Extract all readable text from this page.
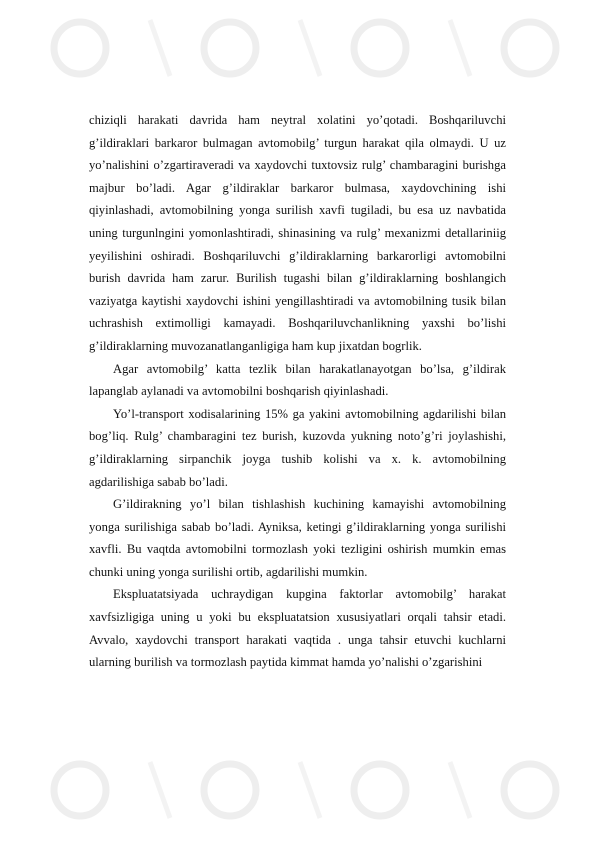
chiziqli harakati davrida ham neytral xolatini yo’qotadi. Boshqariluvchi g’ildiraklari barkaror bulmagan avtomobilg’ turgun harakat qila olmaydi. U uz yo’nalishini o’zgartiraveradi va xaydovchi tuxtovsiz rulg’ chambaragini burishga majbur bo’ladi. Agar g’ildiraklar barkaror bulmasa, xaydovchining ishi qiyinlashadi, avtomobilning yonga surilish xavfi tugiladi, bu esa uz navbatida uning turgunlngini yomonlashtiradi, shinasining va rulg’ mexanizmi detallariniig yeyilishini oshiradi. Boshqariluvchi g’ildiraklarning barkarorligi avtomobilni burish davrida ham zarur. Burilish tugashi bilan g’ildiraklarning boshlangich vaziyatga kaytishi xaydovchi ishini yengillashtiradi va avtomobilning tusik bilan uchrashish extimolligi kamayadi. Boshqariluvchanlikning yaxshi bo’lishi g’ildiraklarning muvozanatlanganligiga ham kup jixatdan bogrlik.

Agar avtomobilg’ katta tezlik bilan harakatlanayotgan bo’lsa, g’ildirak lapanglab aylanadi va avtomobilni boshqarish qiyinlashadi.

Yo’l-transport xodisalarining 15% ga yakini avtomobilning agdarilishi bilan bog’liq. Rulg’ chambaragini tez burish, kuzovda yukning noto’g’ri joylashishi, g’ildiraklarning sirpanchik joyga tushib kolishi va x. k. avtomobilning agdarilishiga sabab bo’ladi.

G’ildirakning yo’l bilan tishlashish kuchining kamayishi avtomobilning yonga surilishiga sabab bo’ladi. Ayniksa, ketingi g’ildiraklarning yonga surilishi xavfli. Bu vaqtda avtomobilni tormozlash yoki tezligini oshirish mumkin emas chunki uning yonga surilishi ortib, agdarilishi mumkin.

Ekspluatatsiyada uchraydigan kupgina faktorlar avtomobilg’ harakat xavfsizligiga uning u yoki bu ekspluatatsion xususiyatlari orqali tahsir etadi. Avvalo, xaydovchi transport harakati vaqtida . unga tahsir etuvchi kuchlarni ularning burilish va tormozlash paytida kimmat hamda yo’nalishi o’zgarishini
